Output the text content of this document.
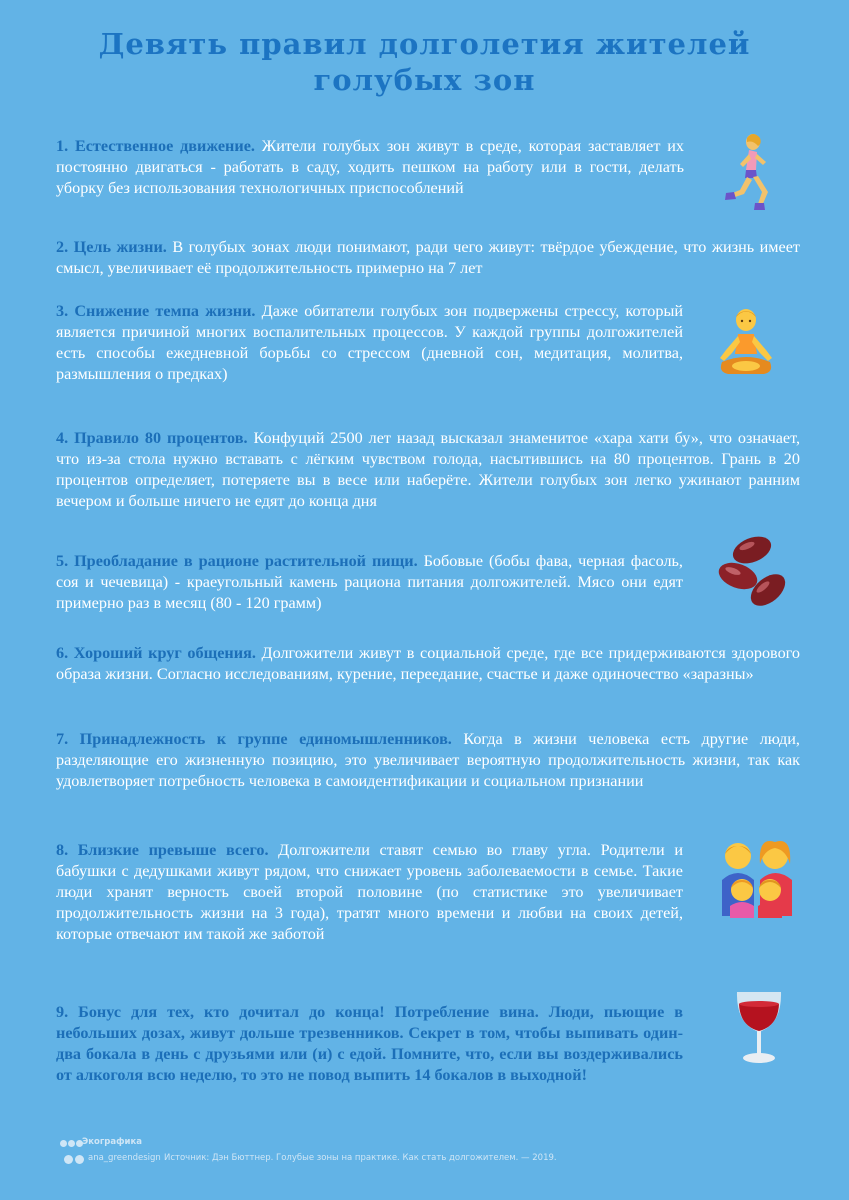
Девять правил долголетия жителей
голубых зон
1. Естественное движение. Жители голубых зон живут в среде, которая заставляет их постоянно двигаться - работать в саду, ходить пешком на работу или в гости, делать уборку без использования технологичных приспособлений
2. Цель жизни. В голубых зонах люди понимают, ради чего живут: твёрдое убеждение, что жизнь имеет смысл, увеличивает её продолжительность примерно на 7 лет
3. Снижение темпа жизни. Даже обитатели голубых зон подвержены стрессу, который является причиной многих воспалительных процессов. У каждой группы долгожителей есть способы ежедневной борьбы со стрессом (дневной сон, медитация, молитва, размышления о предках)
4. Правило 80 процентов. Конфуций 2500 лет назад высказал знаменитое «хара хати бу», что означает, что из-за стола нужно вставать с лёгким чувством голода, насытившись на 80 процентов. Грань в 20 процентов определяет, потеряете вы в весе или наберёте. Жители голубых зон легко ужинают ранним вечером и больше ничего не едят до конца дня
5. Преобладание в рационе растительной пищи. Бобовые (бобы фава, черная фасоль, соя и чечевица) - краеугольный камень рациона питания долгожителей. Мясо они едят примерно раз в месяц (80 - 120 грамм)
6. Хороший круг общения. Долгожители живут в социальной среде, где все придерживаются здорового образа жизни. Согласно исследованиям, курение, переедание, счастье и даже одиночество «заразны»
7. Принадлежность к группе единомышленников. Когда в жизни человека есть другие люди, разделяющие его жизненную позицию, это увеличивает вероятную продолжительность жизни, так как удовлетворяет потребность человека в самоидентификации и социальном признании
8. Близкие превыше всего. Долгожители ставят семью во главу угла. Родители и бабушки с дедушками живут рядом, что снижает уровень заболеваемости в семье. Такие люди хранят верность своей второй половине (по статистике это увеличивает продолжительность жизни на 3 года), тратят много времени и любви на своих детей, которые отвечают им такой же заботой
9. Бонус для тех, кто дочитал до конца! Потребление вина. Люди, пьющие в небольших дозах, живут дольше трезвенников. Секрет в том, чтобы выпивать один-два бокала в день с друзьями или (и) с едой. Помните, что, если вы воздерживались от алкоголя всю неделю, то это не повод выпить 14 бокалов в выходной!
Экографика
ana_greendesign Источник: Дэн Бюттнер. Голубые зоны на практике. Как стать долгожителем. — 2019.
